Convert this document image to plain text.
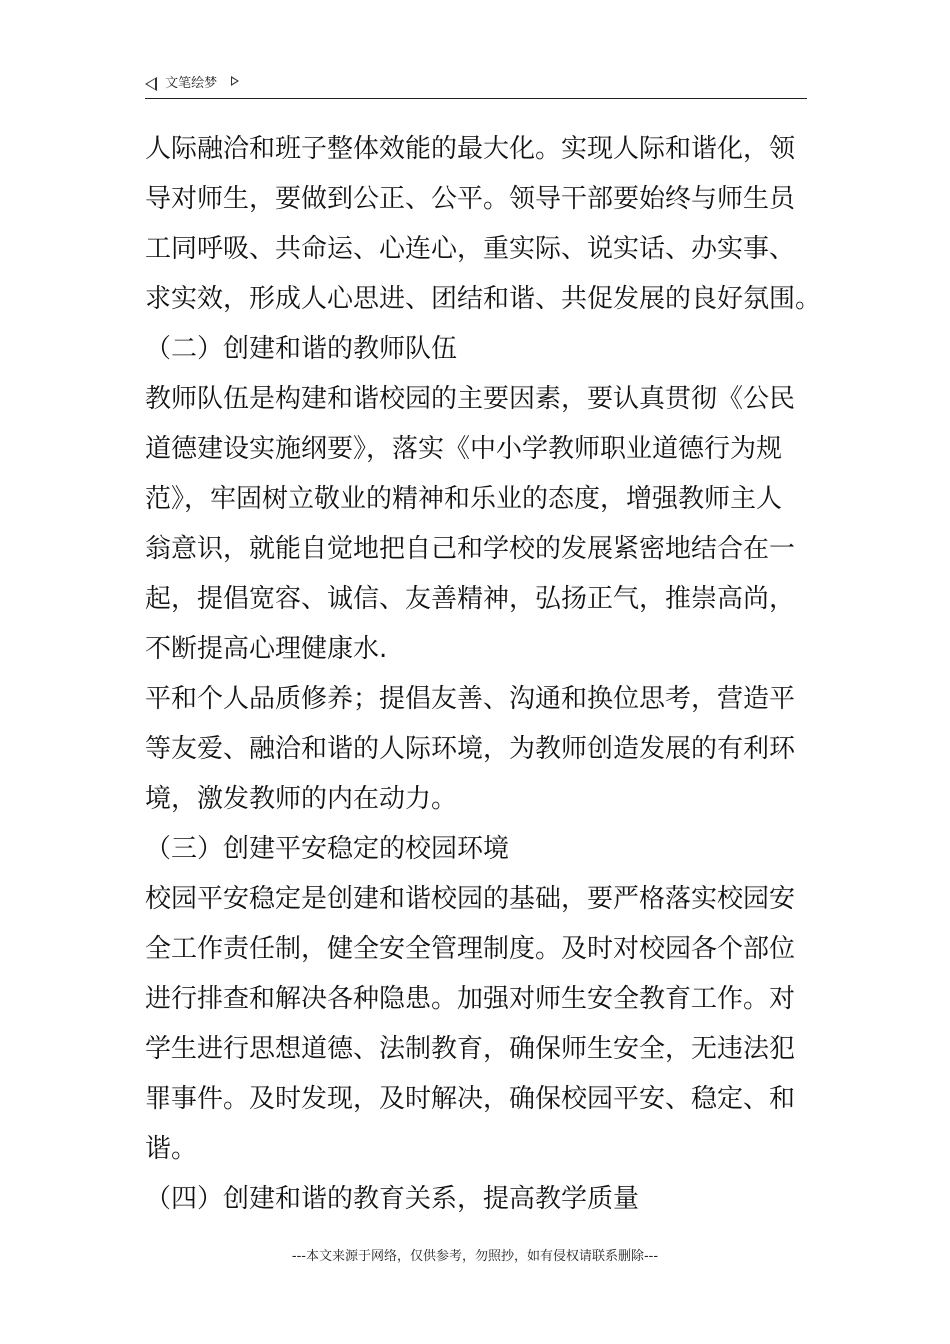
文笔绘梦
人际融洽和班子整体效能的最大化。实现人际和谐化，领
导对师生，要做到公正、公平。领导干部要始终与师生员
工同呼吸、共命运、心连心，重实际、说实话、办实事、
求实效，形成人心思进、团结和谐、共促发展的良好氛围。
（二）创建和谐的教师队伍
教师队伍是构建和谐校园的主要因素，要认真贯彻《公民
道德建设实施纲要》，落实《中小学教师职业道德行为规
范》，牢固树立敬业的精神和乐业的态度，增强教师主人
翁意识，就能自觉地把自己和学校的发展紧密地结合在一
起，提倡宽容、诚信、友善精神，弘扬正气，推崇高尚，
不断提高心理健康水.
平和个人品质修养；提倡友善、沟通和换位思考，营造平
等友爱、融洽和谐的人际环境，为教师创造发展的有利环
境，激发教师的内在动力。
（三）创建平安稳定的校园环境
校园平安稳定是创建和谐校园的基础，要严格落实校园安
全工作责任制，健全安全管理制度。及时对校园各个部位
进行排查和解决各种隐患。加强对师生安全教育工作。对
学生进行思想道德、法制教育，确保师生安全，无违法犯
罪事件。及时发现，及时解决，确保校园平安、稳定、和
谐。
（四）创建和谐的教育关系，提高教学质量
---本文来源于网络，仅供参考，勿照抄，如有侵权请联系删除---
